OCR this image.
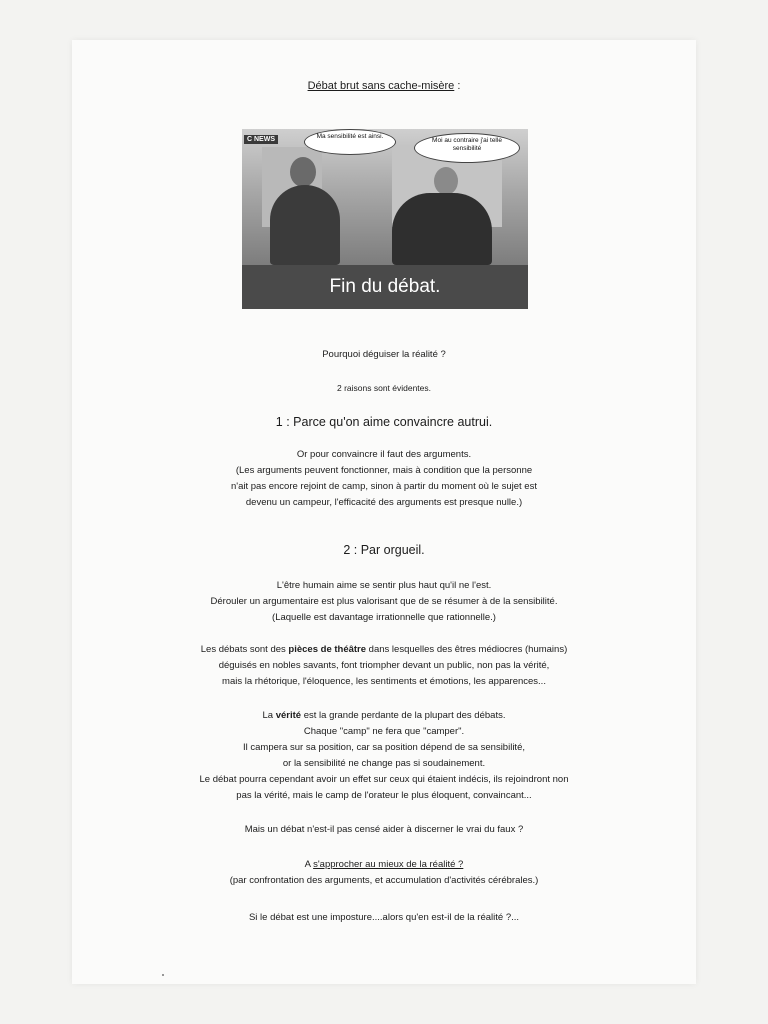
Débat brut sans cache-misère :
C NEWS	Ma sensibilité est ainsi.
Moi au contraire j'ai telle sensibilité
Fin du débat.
Pourquoi déguiser la réalité ?
2 raisons sont évidentes.
1 : Parce qu'on aime convaincre autrui.
Or pour convaincre il faut des arguments.
(Les arguments peuvent fonctionner, mais à condition que la personne
n'ait pas encore rejoint de camp, sinon à partir du moment où le sujet est
devenu un campeur, l'efficacité des arguments est presque nulle.)
2 : Par orgueil.
L'être humain aime se sentir plus haut qu'il ne l'est.
Dérouler un argumentaire est plus valorisant que de se résumer à de la sensibilité.
(Laquelle est davantage irrationnelle que rationnelle.)
Les débats sont des pièces de théâtre dans lesquelles des êtres médiocres (humains)
déguisés en nobles savants, font triompher devant un public, non pas la vérité,
mais la rhétorique, l'éloquence, les sentiments et émotions, les apparences...
La vérité est la grande perdante de la plupart des débats.
Chaque "camp" ne fera que "camper".
Il campera sur sa position, car sa position dépend de sa sensibilité,
or la sensibilité ne change pas si soudainement.
Le débat pourra cependant avoir un effet sur ceux qui étaient indécis, ils rejoindront non
pas la vérité, mais le camp de l'orateur le plus éloquent, convaincant...
Mais un débat n'est-il pas censé aider à discerner le vrai du faux ?
A s'approcher au mieux de la réalité ?
(par confrontation des arguments, et accumulation d'activités cérébrales.)
Si le débat est une imposture....alors qu'en est-il de la réalité ?...
